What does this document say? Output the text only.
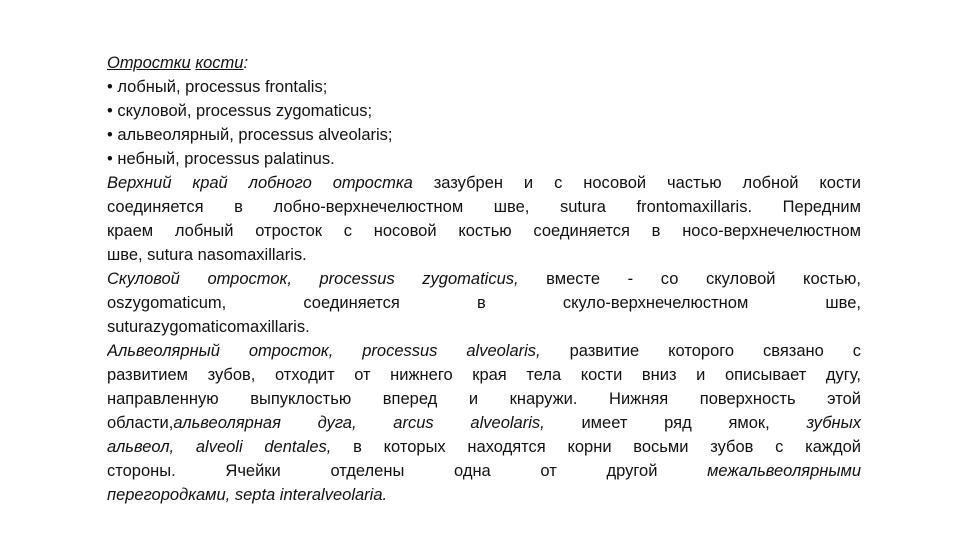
Отростки кости:
• лобный, processus frontalis;
• скуловой, processus zygomaticus;
• альвеолярный, processus alveolaris;
• небный, processus palatinus.
Верхний край лобного отростка зазубрен и с носовой частью лобной кости
соединяется в лобно-верхнечелюстном шве, sutura frontomaxillaris. Передним
краем лобный отросток с носовой костью соединяется в носо-верхнечелюстном
шве, sutura nasomaxillaris.
Скуловой отросток, processus zygomaticus, вместе - со скуловой костью,
oszygomaticum, соединяется в скуло-верхнечелюстном шве,
suturazygomaticomaxillaris.
Альвеолярный отросток, processus alveolaris, развитие которого связано с
развитием зубов, отходит от нижнего края тела кости вниз и описывает дугу,
направленную выпуклостью вперед и кнаружи. Нижняя поверхность этой
области,альвеолярная дуга, arcus alveolaris, имеет ряд ямок, зубных
альвеол, alveoli dentales, в которых находятся корни восьми зубов с каждой
стороны. Ячейки отделены одна от другой межальвеолярными
перегородками, septa interalveolaria.
